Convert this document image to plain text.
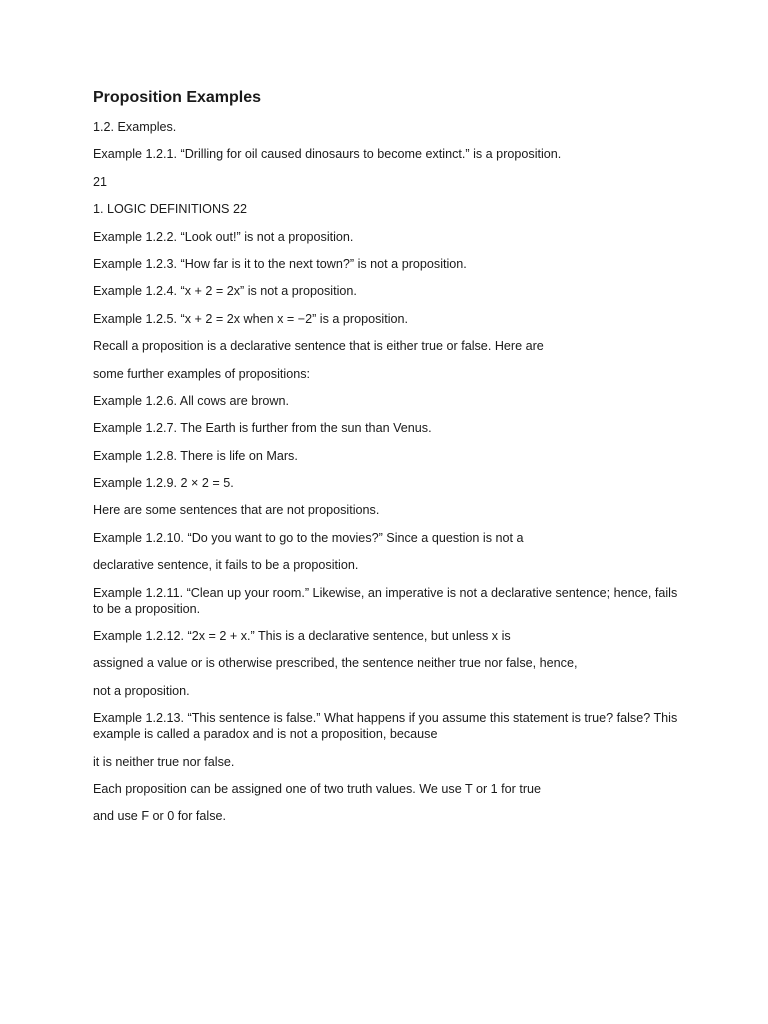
Proposition Examples

1.2. Examples.

Example 1.2.1. “Drilling for oil caused dinosaurs to become extinct.” is a proposition.

21

1. LOGIC DEFINITIONS 22

Example 1.2.2. “Look out!” is not a proposition.

Example 1.2.3. “How far is it to the next town?” is not a proposition.

Example 1.2.4. “x + 2 = 2x” is not a proposition.

Example 1.2.5. “x + 2 = 2x when x = −2” is a proposition.

Recall a proposition is a declarative sentence that is either true or false. Here are

some further examples of propositions:

Example 1.2.6. All cows are brown.

Example 1.2.7. The Earth is further from the sun than Venus.

Example 1.2.8. There is life on Mars.

Example 1.2.9. 2 × 2 = 5.

Here are some sentences that are not propositions.

Example 1.2.10. “Do you want to go to the movies?” Since a question is not a

declarative sentence, it fails to be a proposition.

Example 1.2.11. “Clean up your room.” Likewise, an imperative is not a declarative sentence; hence, fails to be a proposition.

Example 1.2.12. “2x = 2 + x.” This is a declarative sentence, but unless x is

assigned a value or is otherwise prescribed, the sentence neither true nor false, hence,

not a proposition.

Example 1.2.13. “This sentence is false.” What happens if you assume this statement is true? false? This example is called a paradox and is not a proposition, because

it is neither true nor false.

Each proposition can be assigned one of two truth values. We use T or 1 for true

and use F or 0 for false.
